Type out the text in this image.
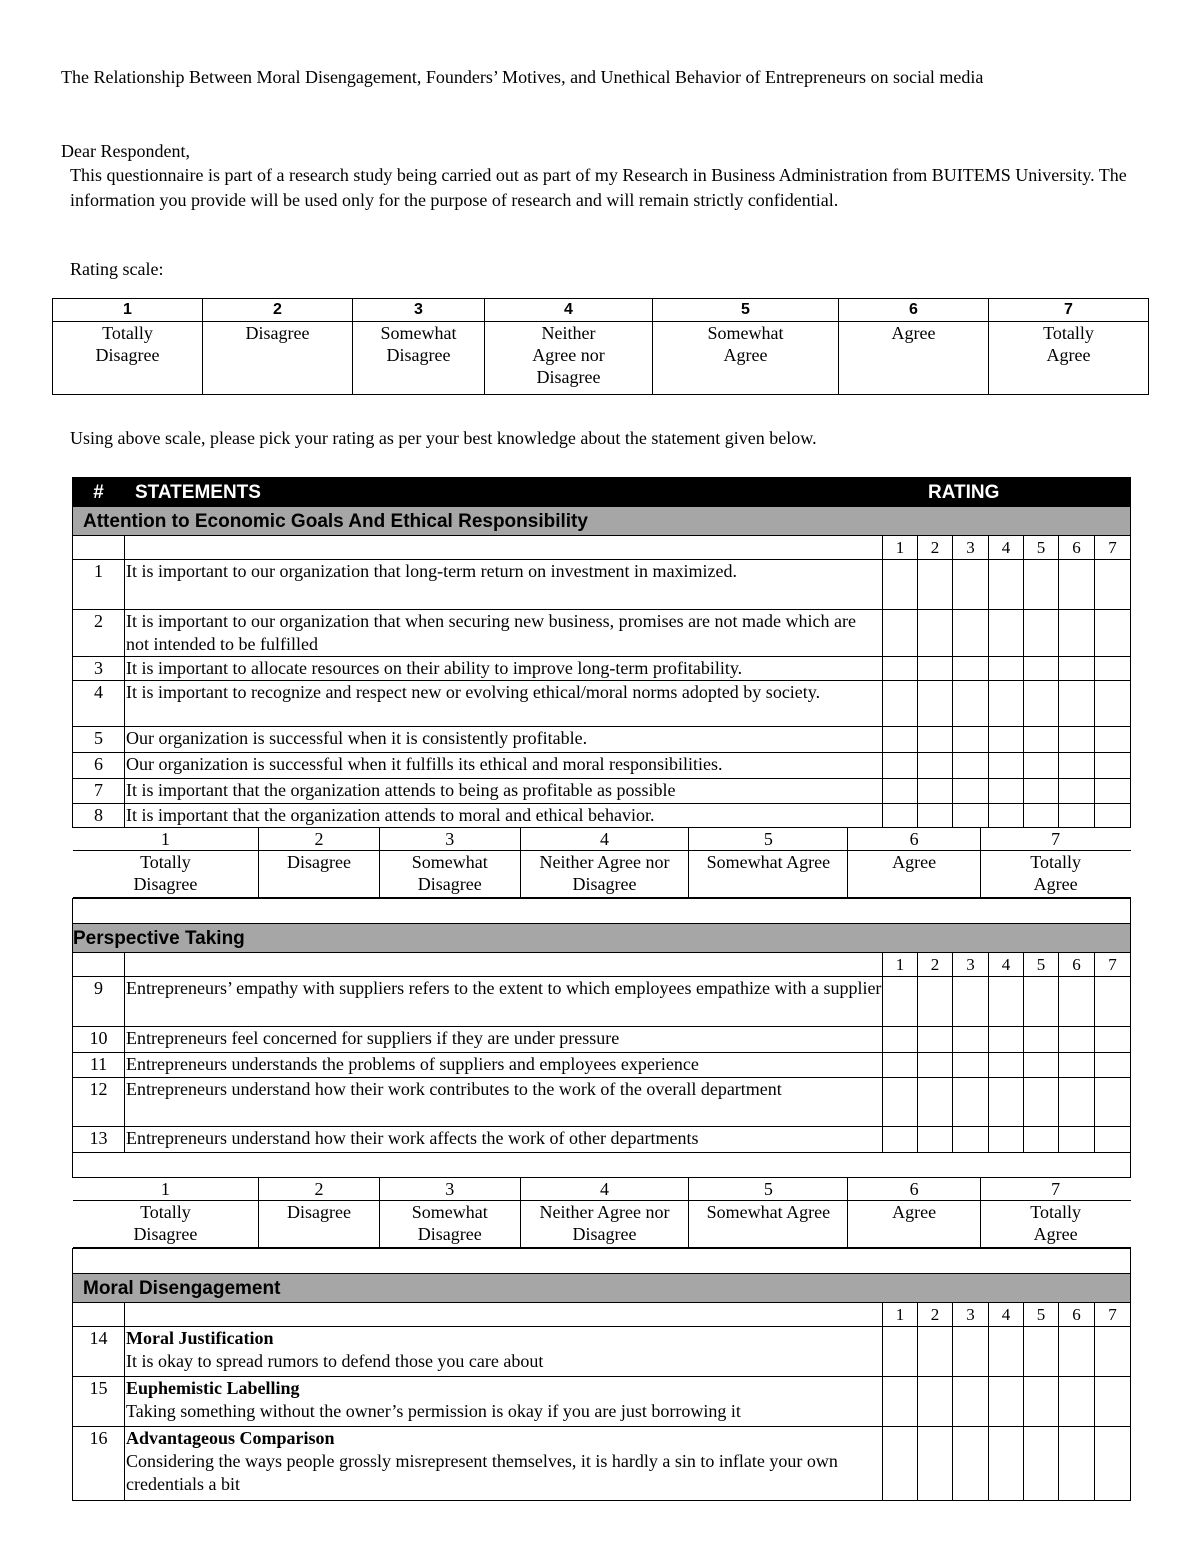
The Relationship Between Moral Disengagement, Founders’ Motives, and Unethical Behavior of Entrepreneurs on social media
Dear Respondent,
This questionnaire is part of a research study being carried out as part of my Research in Business Administration from BUITEMS University. The information you provide will be used only for the purpose of research and will remain strictly confidential.
Rating scale:
1	2	3	4	5	6	7
Totally Disagree	Disagree	Somewhat Disagree	Neither Agree nor Disagree	Somewhat Agree	Agree	Totally Agree
Using above scale, please pick your rating as per your best knowledge about the statement given below.
#	STATEMENTS	RATING
Attention to Economic Goals And Ethical Responsibility
		1	2	3	4	5	6	7
1	It is important to our organization that long-term return on investment in maximized.

2	It is important to our organization that when securing new business, promises are not made which are not intended to be fulfilled

3	It is important to allocate resources on their ability to improve long-term profitability.

4	It is important to recognize and respect new or evolving ethical/moral norms adopted by society.

5	Our organization is successful when it is consistently profitable.

6	Our organization is successful when it fulfills its ethical and moral responsibilities.

7	It is important that the organization attends to being as profitable as possible

8	It is important that the organization attends to moral and ethical behavior.

1	2	3	4	5	6	7
Totally Disagree	Disagree	Somewhat Disagree	Neither Agree nor Disagree	Somewhat Agree	Agree	Totally Agree

Perspective Taking
		1	2	3	4	5	6	7
9	Entrepreneurs’ empathy with suppliers refers to the extent to which employees empathize with a supplier

10	Entrepreneurs feel concerned for suppliers if they are under pressure

11	Entrepreneurs understands the problems of suppliers and employees experience

12	Entrepreneurs understand how their work contributes to the work of the overall department

13	Entrepreneurs understand how their work affects the work of other departments

1	2	3	4	5	6	7
Totally Disagree	Disagree	Somewhat Disagree	Neither Agree nor Disagree	Somewhat Agree	Agree	Totally Agree

Moral Disengagement
		1	2	3	4	5	6	7
14	Moral Justification
It is okay to spread rumors to defend those you care about

15	Euphemistic Labelling
Taking something without the owner’s permission is okay if you are just borrowing it

16	Advantageous Comparison
Considering the ways people grossly misrepresent themselves, it is hardly a sin to inflate your own credentials a bit
